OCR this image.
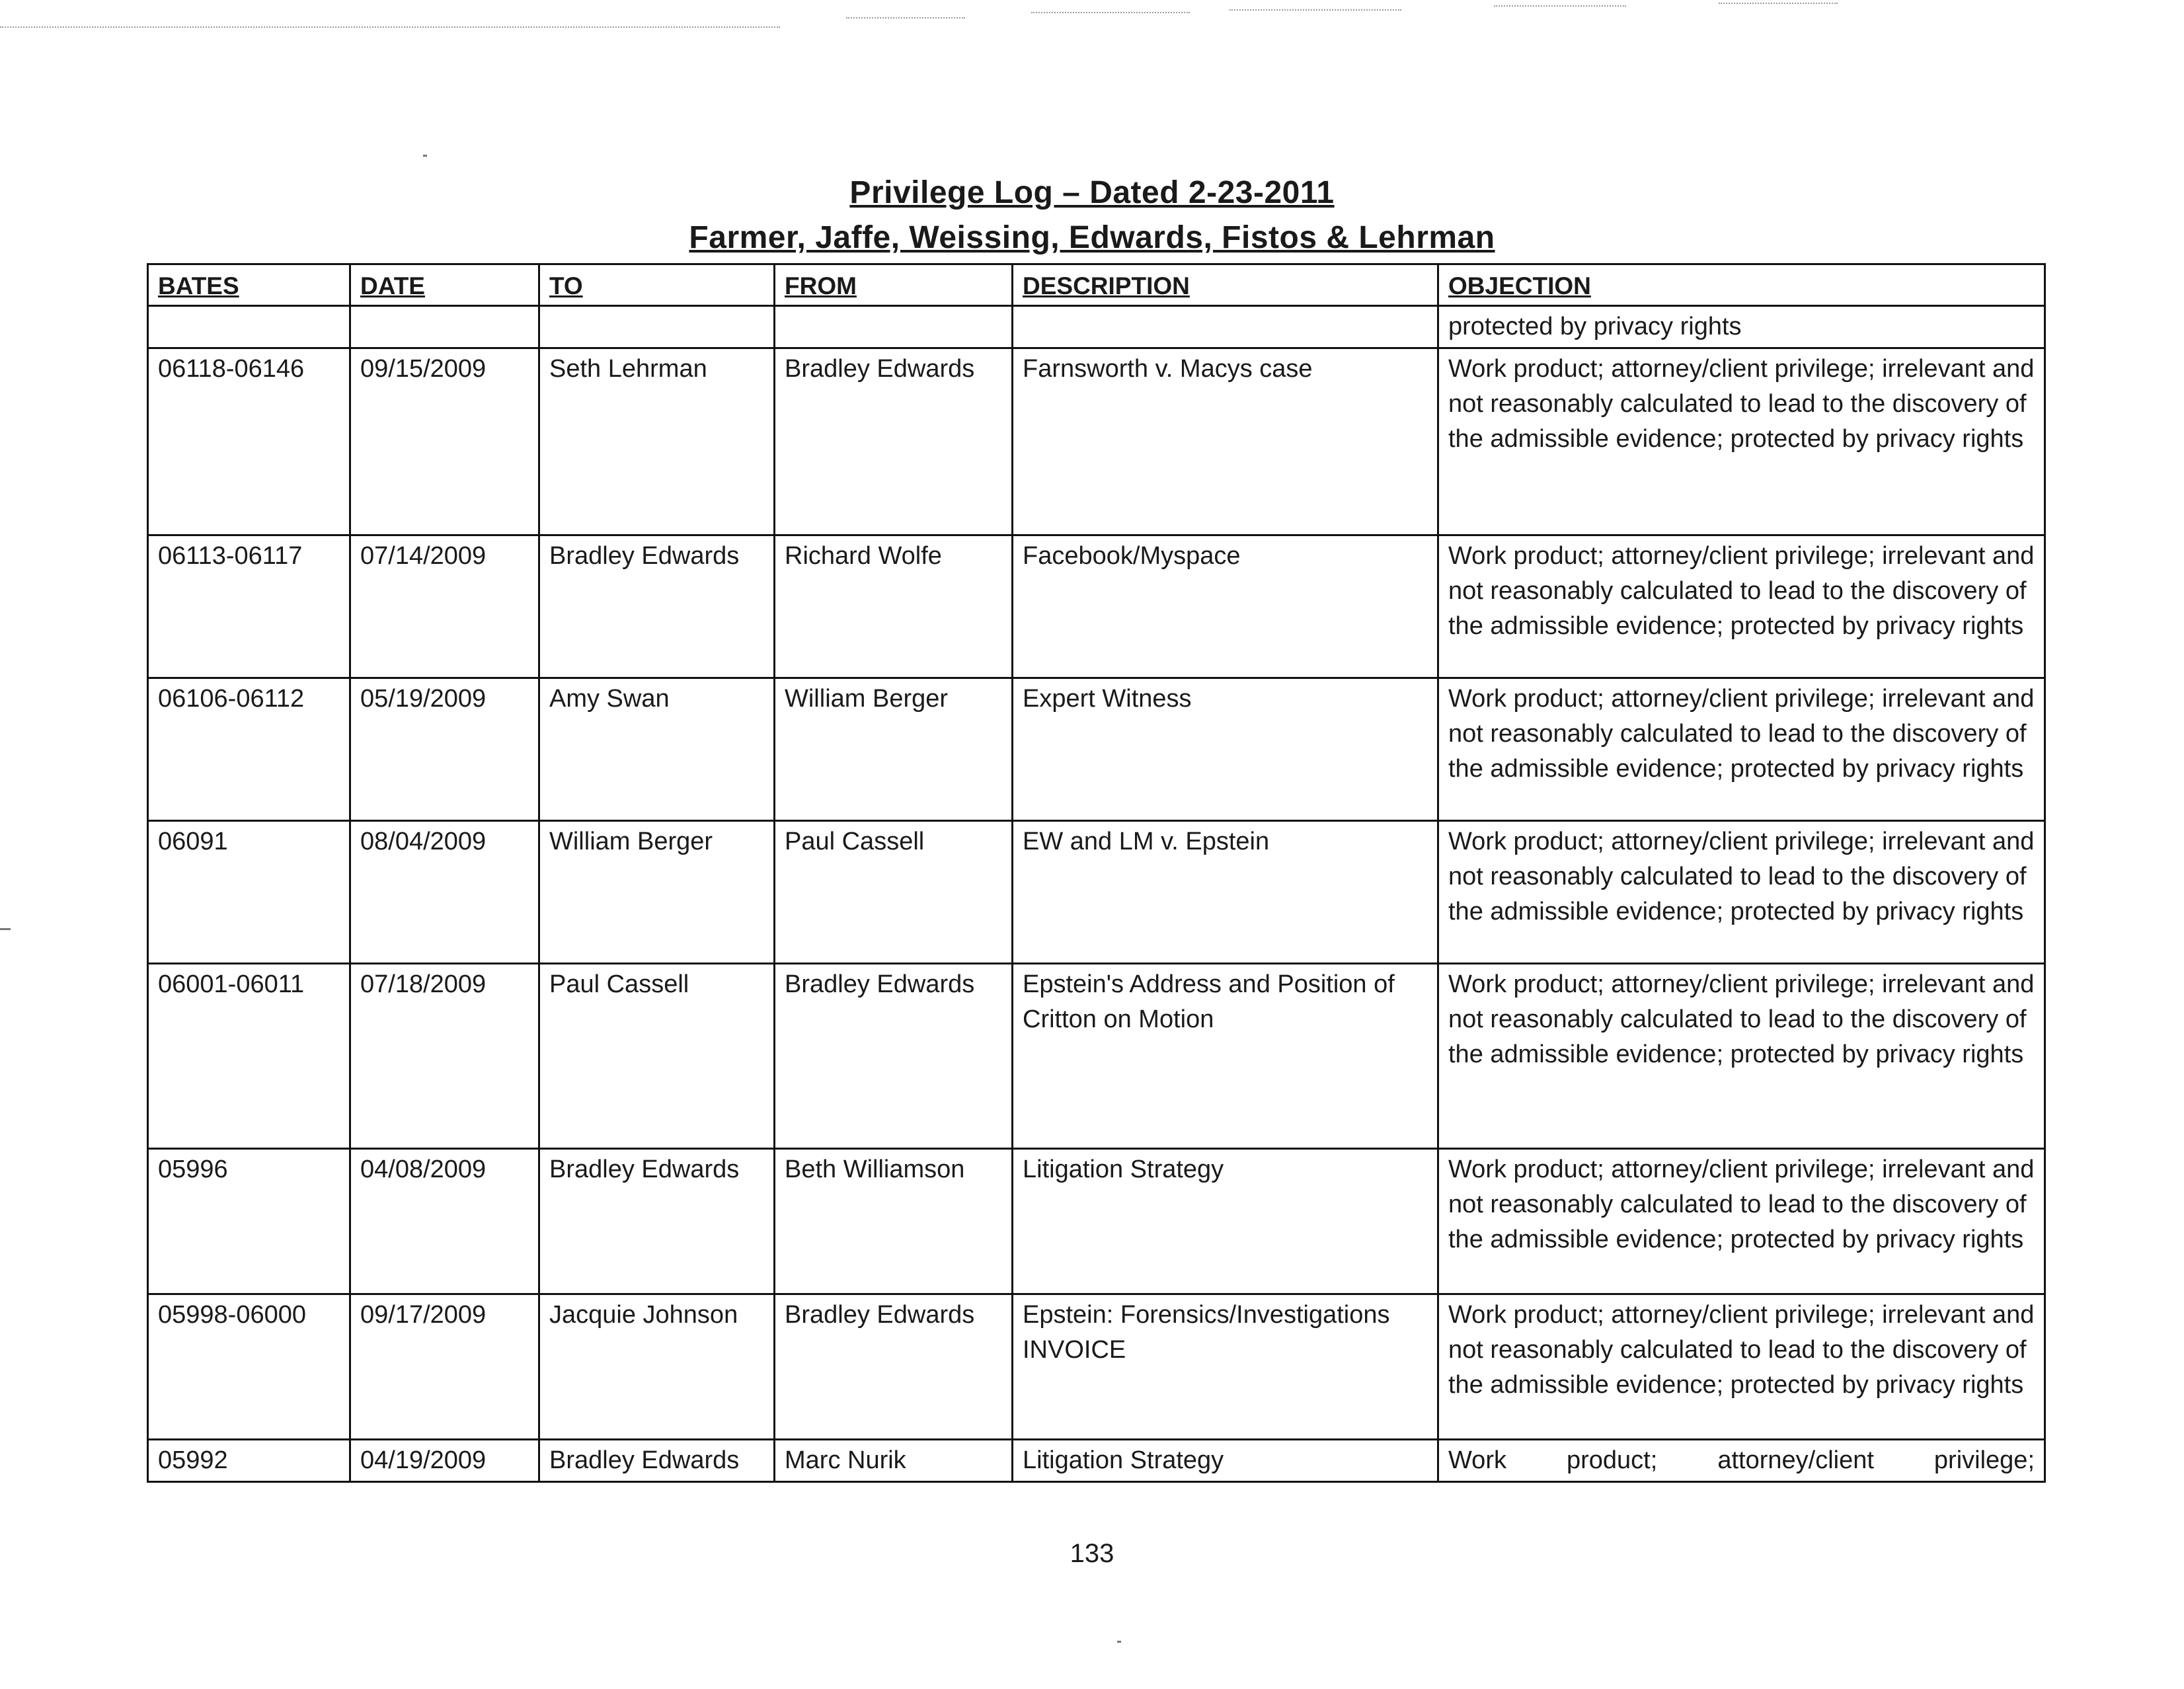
Privilege Log – Dated 2-23-2011
Farmer, Jaffe, Weissing, Edwards, Fistos & Lehrman
BATES	DATE	TO	FROM	DESCRIPTION	OBJECTION
					protected by privacy rights
06118-06146	09/15/2009	Seth Lehrman	Bradley Edwards	Farnsworth v. Macys case	Work product; attorney/client privilege; irrelevant and not reasonably calculated to lead to the discovery of the admissible evidence; protected by privacy rights
06113-06117	07/14/2009	Bradley Edwards	Richard Wolfe	Facebook/Myspace	Work product; attorney/client privilege; irrelevant and not reasonably calculated to lead to the discovery of the admissible evidence; protected by privacy rights
06106-06112	05/19/2009	Amy Swan	William Berger	Expert Witness	Work product; attorney/client privilege; irrelevant and not reasonably calculated to lead to the discovery of the admissible evidence; protected by privacy rights
06091	08/04/2009	William Berger	Paul Cassell	EW and LM v. Epstein	Work product; attorney/client privilege; irrelevant and not reasonably calculated to lead to the discovery of the admissible evidence; protected by privacy rights
06001-06011	07/18/2009	Paul Cassell	Bradley Edwards	Epstein's Address and Position of Critton on Motion	Work product; attorney/client privilege; irrelevant and not reasonably calculated to lead to the discovery of the admissible evidence; protected by privacy rights
05996	04/08/2009	Bradley Edwards	Beth Williamson	Litigation Strategy	Work product; attorney/client privilege; irrelevant and not reasonably calculated to lead to the discovery of the admissible evidence; protected by privacy rights
05998-06000	09/17/2009	Jacquie Johnson	Bradley Edwards	Epstein: Forensics/Investigations INVOICE	Work product; attorney/client privilege; irrelevant and not reasonably calculated to lead to the discovery of the admissible evidence; protected by privacy rights
05992	04/19/2009	Bradley Edwards	Marc Nurik	Litigation Strategy	Work product; attorney/client privilege;
133
